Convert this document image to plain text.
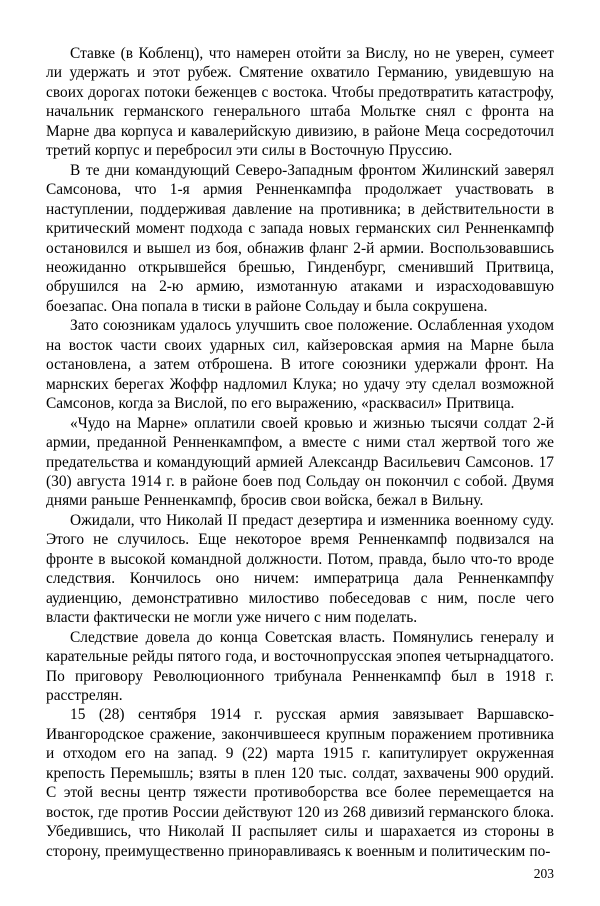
Ставке (в Кобленц), что намерен отойти за Вислу, но не уверен, сумеет ли удержать и этот рубеж. Смятение охватило Германию, увидевшую на своих дорогах потоки беженцев с востока. Чтобы предотвратить катастрофу, начальник германского генерального штаба Мольтке снял с фронта на Марне два корпуса и кавалерийскую дивизию, в районе Меца сосредоточил третий корпус и перебросил эти силы в Восточную Пруссию.

В те дни командующий Северо-Западным фронтом Жилинский заверял Самсонова, что 1-я армия Ренненкампфа продолжает участвовать в наступлении, поддерживая давление на противника; в действительности в критический момент подхода с запада новых германских сил Ренненкампф остановился и вышел из боя, обнажив фланг 2-й армии. Воспользовавшись неожиданно открывшейся брешью, Гинденбург, сменивший Притвица, обрушился на 2-ю армию, измотанную атаками и израсходовавшую боезапас. Она попала в тиски в районе Сольдау и была сокрушена.

Зато союзникам удалось улучшить свое положение. Ослабленная уходом на восток части своих ударных сил, кайзеровская армия на Марне была остановлена, а затем отброшена. В итоге союзники удержали фронт. На марнских берегах Жоффр надломил Клука; но удачу эту сделал возможной Самсонов, когда за Вислой, по его выражению, «расквасил» Притвица.

«Чудо на Марне» оплатили своей кровью и жизнью тысячи солдат 2-й армии, преданной Ренненкампфом, а вместе с ними стал жертвой того же предательства и командующий армией Александр Васильевич Самсонов. 17 (30) августа 1914 г. в районе боев под Сольдау он покончил с собой. Двумя днями раньше Ренненкампф, бросив свои войска, бежал в Вильну.

Ожидали, что Николай II предаст дезертира и изменника военному суду. Этого не случилось. Еще некоторое время Ренненкампф подвизался на фронте в высокой командной должности. Потом, правда, было что-то вроде следствия. Кончилось оно ничем: императрица дала Ренненкампфу аудиенцию, демонстративно милостиво побеседовав с ним, после чего власти фактически не могли уже ничего с ним поделать.

Следствие довела до конца Советская власть. Помянулись генералу и карательные рейды пятого года, и восточнопрусская эпопея четырнадцатого. По приговору Революционного трибунала Ренненкампф был в 1918 г. расстрелян.

15 (28) сентября 1914 г. русская армия завязывает Варшавско-Ивангородское сражение, закончившееся крупным поражением противника и отходом его на запад. 9 (22) марта 1915 г. капитулирует окруженная крепость Перемышль; взяты в плен 120 тыс. солдат, захвачены 900 орудий. С этой весны центр тяжести противоборства все более перемещается на восток, где против России действуют 120 из 268 дивизий германского блока. Убедившись, что Николай II распыляет силы и шарахается из стороны в сторону, преимущественно приноравливаясь к военным и политическим по-

203
